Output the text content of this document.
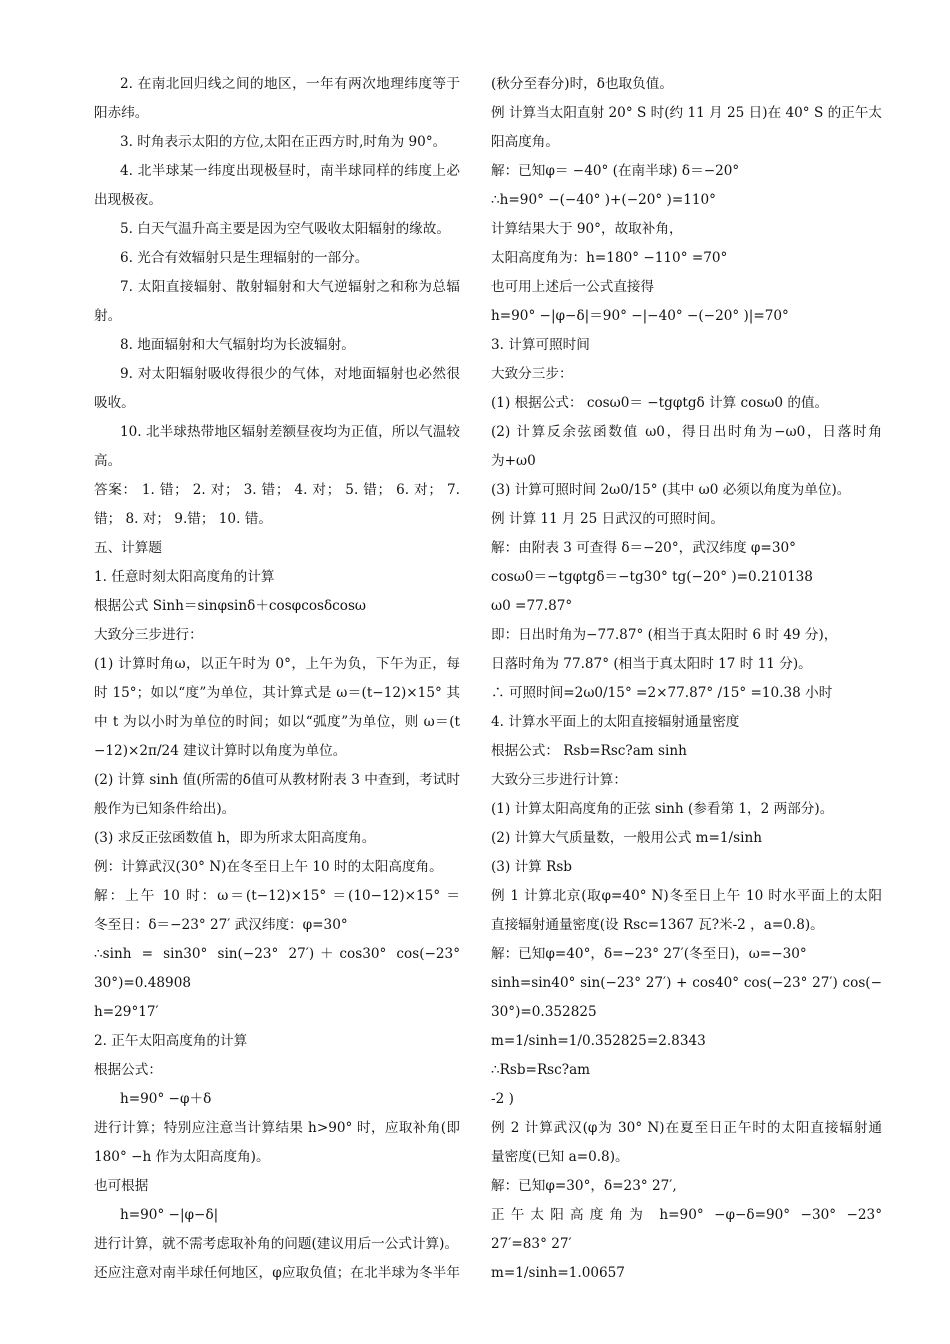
2. 在南北回归线之间的地区，一年有两次地理纬度等于
阳赤纬。
3. 时角表示太阳的方位,太阳在正西方时,时角为 90°。
4. 北半球某一纬度出现极昼时，南半球同样的纬度上必
出现极夜。
5. 白天气温升高主要是因为空气吸收太阳辐射的缘故。
6. 光合有效辐射只是生理辐射的一部分。
7. 太阳直接辐射、散射辐射和大气逆辐射之和称为总辐
射。
8. 地面辐射和大气辐射均为长波辐射。
9. 对太阳辐射吸收得很少的气体，对地面辐射也必然很
吸收。
10. 北半球热带地区辐射差额昼夜均为正值，所以气温较
高。
答案： 1. 错； 2. 对； 3. 错； 4. 对； 5. 错； 6. 对； 7.
错； 8. 对； 9.错； 10. 错。
五、计算题
1. 任意时刻太阳高度角的计算
根据公式 Sinh＝sinφsinδ＋cosφcosδcosω
大致分三步进行：
(1) 计算时角ω，以正午时为 0°，上午为负，下午为正，每
时 15°；如以“度”为单位，其计算式是 ω＝(t−12)×15° 其
中 t 为以小时为单位的时间；如以“弧度”为单位，则 ω＝(t
−12)×2π/24 建议计算时以角度为单位。
(2) 计算 sinh 值(所需的δ值可从教材附表 3 中查到，考试时
般作为已知条件给出)。
(3) 求反正弦函数值 h，即为所求太阳高度角。
例：计算武汉(30° N)在冬至日上午 10 时的太阳高度角。
解：上午 10 时：ω＝(t−12)×15° ＝(10−12)×15° ＝
冬至日：δ＝−23° 27′ 武汉纬度：φ=30°
∴sinh = sin30° sin(−23° 27′)＋cos30° cos(−23°
30°)=0.48908
h=29°17′
2. 正午太阳高度角的计算
根据公式：
h=90° −φ＋δ
进行计算；特别应注意当计算结果 h>90° 时，应取补角(即
180° −h 作为太阳高度角)。
也可根据
h=90° −|φ−δ|
进行计算，就不需考虑取补角的问题(建议用后一公式计算)。
还应注意对南半球任何地区，φ应取负值；在北半球为冬半年
(秋分至春分)时，δ也取负值。
例 计算当太阳直射 20° S 时(约 11 月 25 日)在 40° S 的正午太
阳高度角。
解：已知φ＝ −40° (在南半球) δ＝−20°
∴h=90° −(−40° )+(−20° )=110°
计算结果大于 90°，故取补角，
太阳高度角为：h=180° −110° =70°
也可用上述后一公式直接得
h=90° −|φ−δ|＝90° −|−40° −(−20° )|=70°
3. 计算可照时间
大致分三步：
(1) 根据公式： cosω0＝ −tgφtgδ 计算 cosω0 的值。
(2) 计算反余弦函数值 ω0，得日出时角为−ω0，日落时角
为+ω0
(3) 计算可照时间 2ω0/15° (其中 ω0 必须以角度为单位)。
例 计算 11 月 25 日武汉的可照时间。
解：由附表 3 可查得 δ＝−20°，武汉纬度 φ=30°
cosω0＝−tgφtgδ＝−tg30° tg(−20° )=0.210138
ω0 =77.87°
即：日出时角为−77.87° (相当于真太阳时 6 时 49 分)，
日落时角为 77.87° (相当于真太阳时 17 时 11 分)。
∴ 可照时间=2ω0/15° =2×77.87° /15° =10.38 小时
4. 计算水平面上的太阳直接辐射通量密度
根据公式： Rsb=Rsc?am sinh
大致分三步进行计算：
(1) 计算太阳高度角的正弦 sinh (参看第 1，2 两部分)。
(2) 计算大气质量数，一般用公式 m=1/sinh
(3) 计算 Rsb
例 1 计算北京(取φ=40° N)冬至日上午 10 时水平面上的太阳
直接辐射通量密度(设 Rsc=1367 瓦?米-2 ，a=0.8)。
解：已知φ=40°，δ=−23° 27′(冬至日)，ω=−30°
sinh=sin40° sin(−23° 27′) + cos40° cos(−23° 27′) cos(−
30°)=0.352825
m=1/sinh=1/0.352825=2.8343
∴Rsb=Rsc?am
-2 )
例 2 计算武汉(φ为 30° N)在夏至日正午时的太阳直接辐射通
量密度(已知 a=0.8)。
解：已知φ=30°，δ=23° 27′,
正午太阳高度角为 h=90° −φ−δ=90° −30° −23°
27′=83° 27′
m=1/sinh=1.00657
